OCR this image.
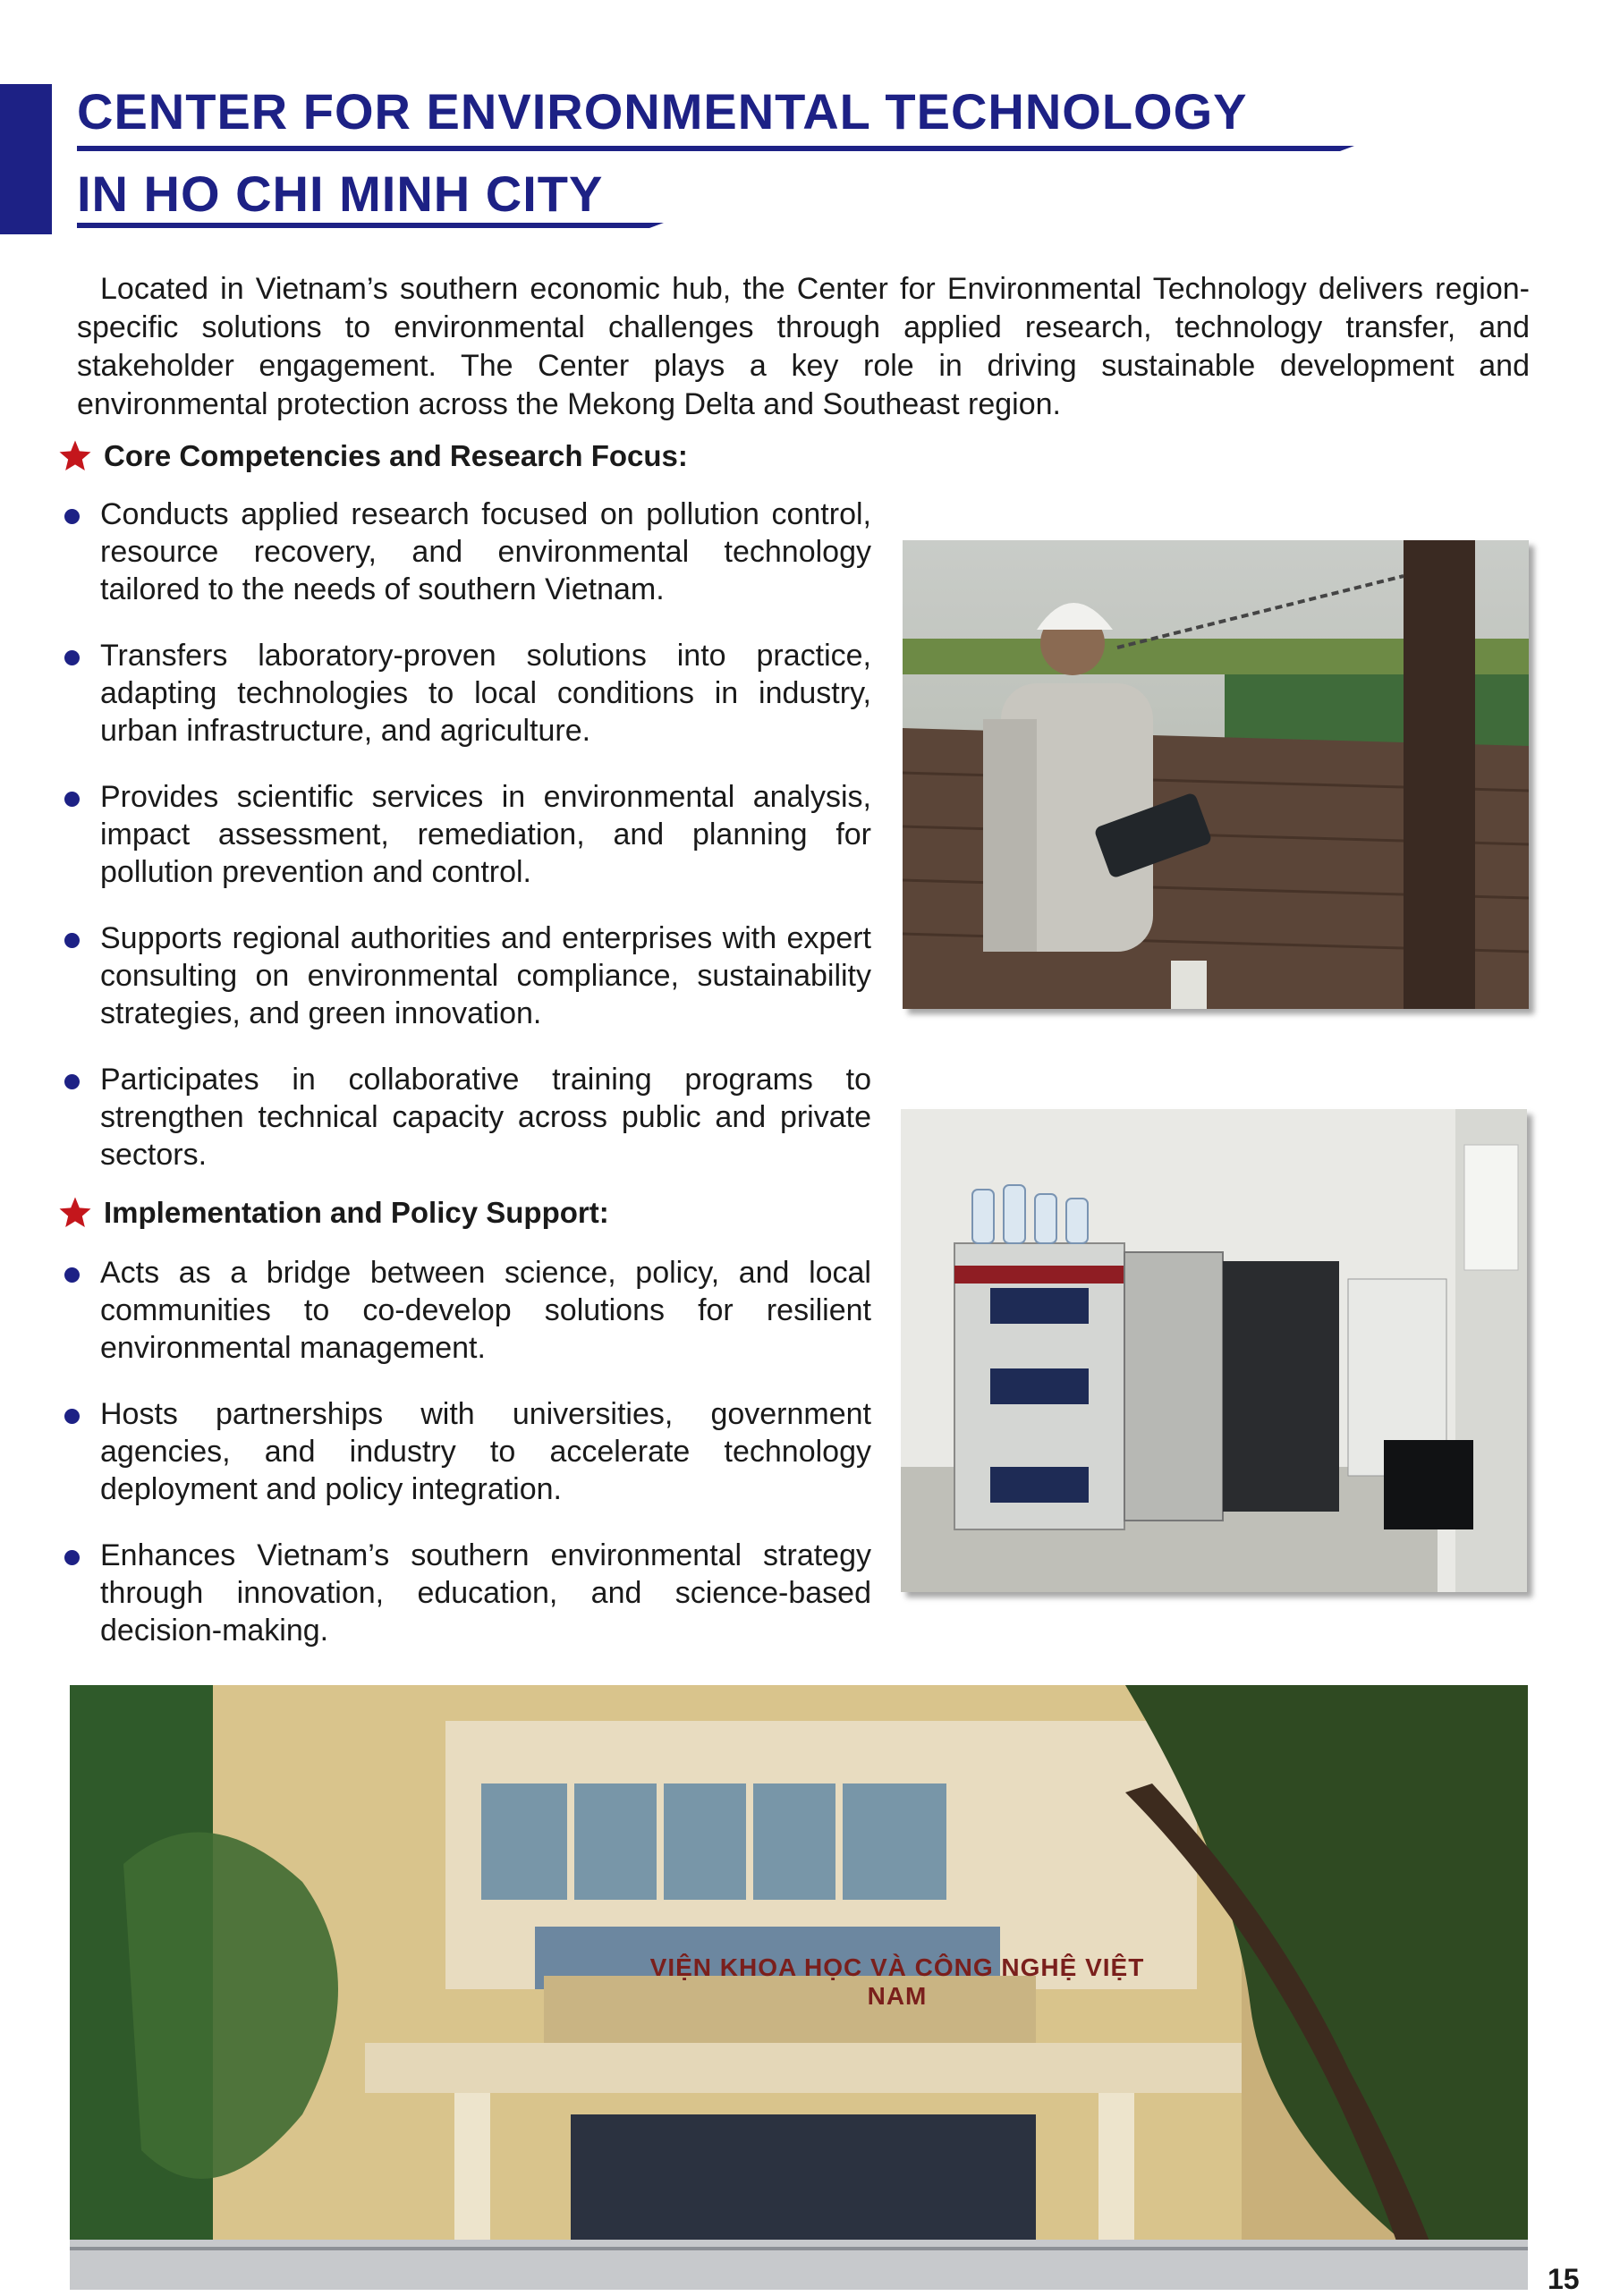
CENTER FOR ENVIRONMENTAL TECHNOLOGY
IN HO CHI MINH CITY

Located in Vietnam’s southern economic hub, the Center for Environmental Technology delivers region-specific solutions to environmental challenges through applied research, technology transfer, and stakeholder engagement. The Center plays a key role in driving sustainable development and environmental protection across the Mekong Delta and Southeast region.

Core Competencies and Research Focus:
Conducts applied research focused on pollution control, resource recovery, and environmental technology tailored to the needs of southern Vietnam.
Transfers laboratory-proven solutions into practice, adapting technologies to local conditions in industry, urban infrastructure, and agriculture.
Provides scientific services in environmental analysis, impact assessment, remediation, and planning for pollution prevention and control.
Supports regional authorities and enterprises with expert consulting on environmental compliance, sustainability strategies, and green innovation.
Participates in collaborative training programs to strengthen technical capacity across public and private sectors.
Implementation and Policy Support:
Acts as a bridge between science, policy, and local communities to co-develop solutions for resilient environmental management.
Hosts partnerships with universities, government agencies, and industry to accelerate technology deployment and policy integration.
Enhances Vietnam’s southern environmental strategy through innovation, education, and science-based decision-making.
VIỆN KHOA HỌC VÀ CÔNG NGHỆ VIỆT NAM
15
